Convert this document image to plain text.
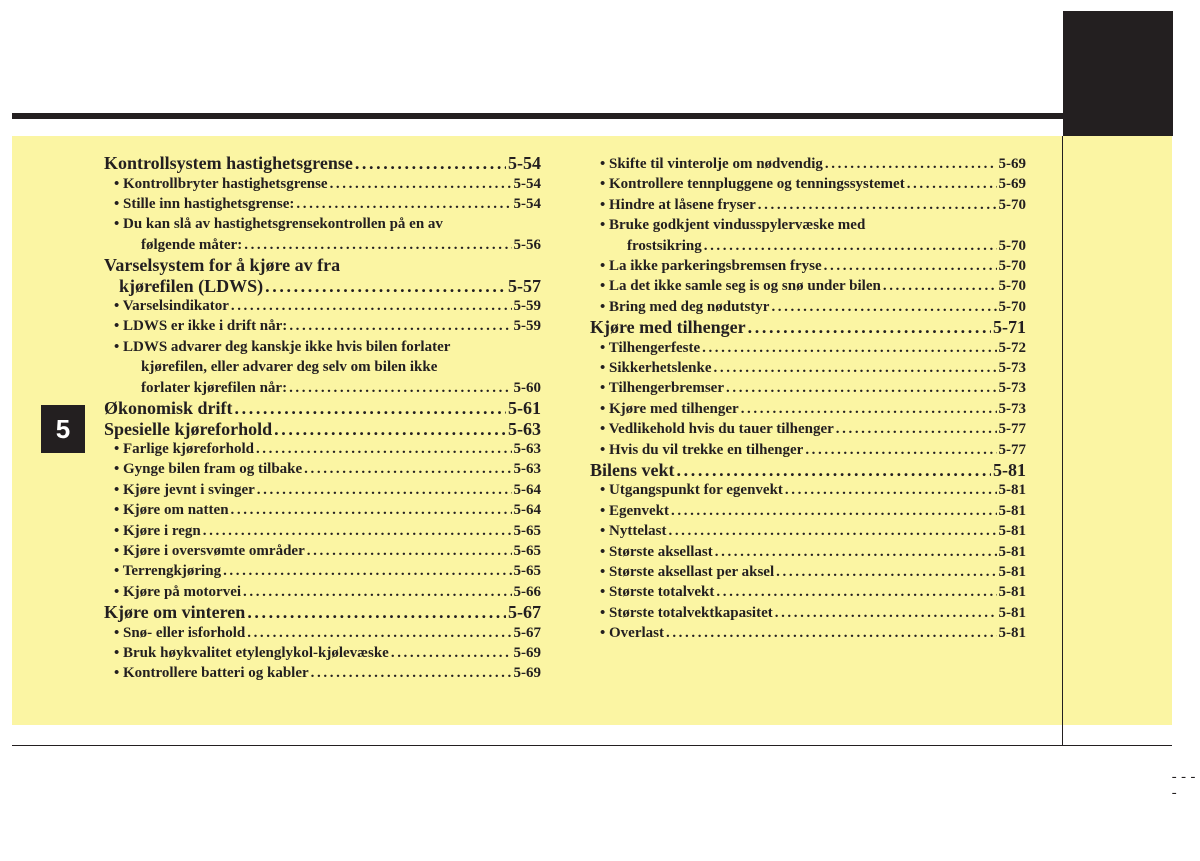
5
----
Kontrollsystem hastighetsgrense .....	5-54
• Kontrollbryter hastighetsgrense .....	5-54
• Stille inn hastighetsgrense: .....	5-54
• Du kan slå av hastighetsgrensekontrollen på en av
følgende måter: .....	5-56
Varselsystem for å kjøre av fra
kjørefilen (LDWS) .....	5-57
• Varselsindikator .....	5-59
• LDWS er ikke i drift når: .....	5-59
• LDWS advarer deg kanskje ikke hvis bilen forlater
kjørefilen, eller advarer deg selv om bilen ikke
forlater kjørefilen når: .....	5-60
Økonomisk drift .....	5-61
Spesielle kjøreforhold .....	5-63
• Farlige kjøreforhold .....	5-63
• Gynge bilen fram og tilbake .....	5-63
• Kjøre jevnt i svinger .....	5-64
• Kjøre om natten .....	5-64
• Kjøre i regn .....	5-65
• Kjøre i oversvømte områder .....	5-65
• Terrengkjøring .....	5-65
• Kjøre på motorvei .....	5-66
Kjøre om vinteren .....	5-67
• Snø- eller isforhold .....	5-67
• Bruk høykvalitet etylenglykol-kjølevæske .....	5-69
• Kontrollere batteri og kabler .....	5-69
• Skifte til vinterolje om nødvendig .....	5-69
• Kontrollere tennpluggene og tenningssystemet .....	5-69
• Hindre at låsene fryser .....	5-70
• Bruke godkjent vindusspylervæske med
frostsikring .....	5-70
• La ikke parkeringsbremsen fryse .....	5-70
• La det ikke samle seg is og snø under bilen .....	5-70
• Bring med deg nødutstyr .....	5-70
Kjøre med tilhenger .....	5-71
• Tilhengerfeste .....	5-72
• Sikkerhetslenke .....	5-73
• Tilhengerbremser .....	5-73
• Kjøre med tilhenger .....	5-73
• Vedlikehold hvis du tauer tilhenger .....	5-77
• Hvis du vil trekke en tilhenger .....	5-77
Bilens vekt .....	5-81
• Utgangspunkt for egenvekt .....	5-81
• Egenvekt .....	5-81
• Nyttelast .....	5-81
• Største aksellast .....	5-81
• Største aksellast per aksel .....	5-81
• Største totalvekt .....	5-81
• Største totalvektkapasitet .....	5-81
• Overlast .....	5-81
